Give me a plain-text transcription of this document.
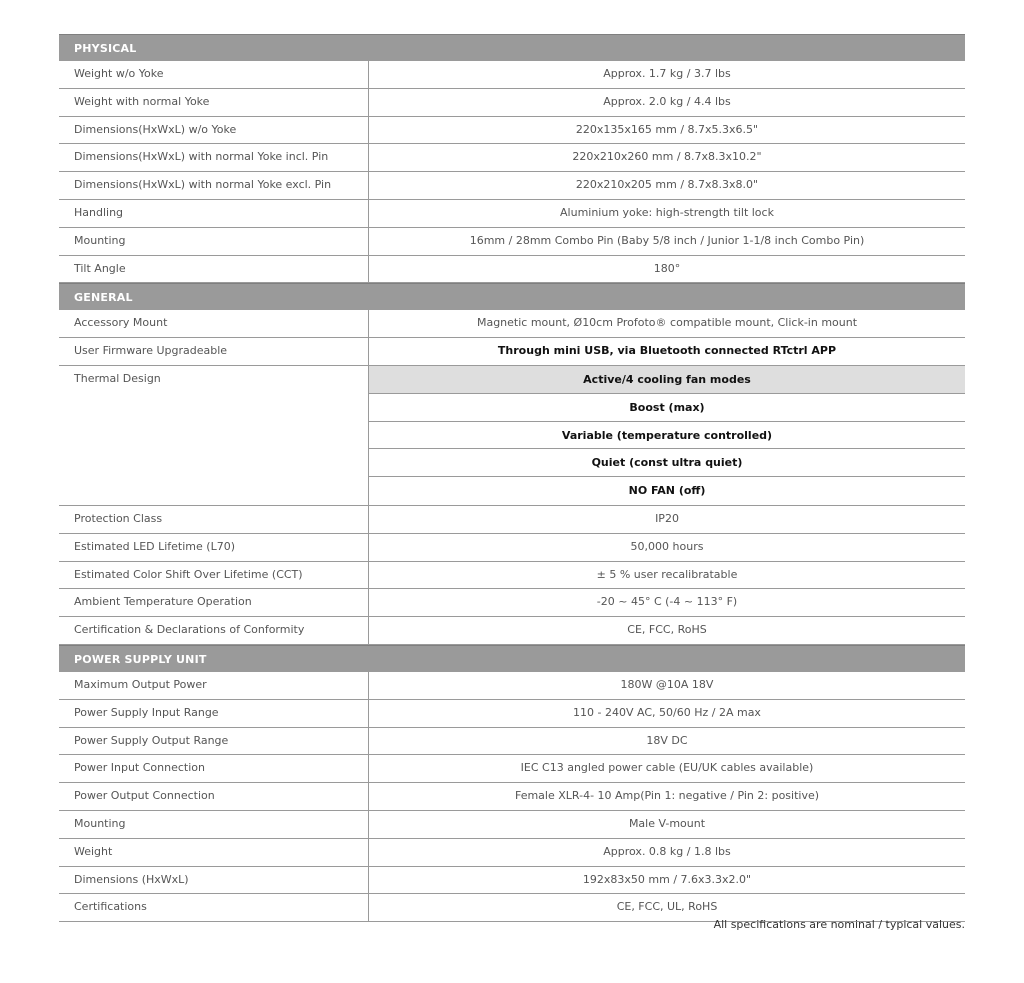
PHYSICAL
Weight w/o Yoke	Approx. 1.7 kg / 3.7 lbs
Weight with normal Yoke	Approx. 2.0 kg / 4.4 lbs
Dimensions(HxWxL) w/o Yoke	220x135x165 mm / 8.7x5.3x6.5"
Dimensions(HxWxL) with normal Yoke incl. Pin	220x210x260 mm / 8.7x8.3x10.2"
Dimensions(HxWxL) with normal Yoke excl. Pin	220x210x205 mm / 8.7x8.3x8.0"
Handling	Aluminium yoke: high-strength tilt lock
Mounting	16mm / 28mm Combo Pin (Baby 5/8 inch / Junior 1-1/8 inch Combo Pin)
Tilt Angle	180°
GENERAL
Accessory Mount	Magnetic mount, Ø10cm Profoto® compatible mount, Click-in mount
User Firmware Upgradeable	Through mini USB, via Bluetooth connected RTctrl APP
Thermal Design	Active/4 cooling fan modes
Boost (max)
Variable (temperature controlled)
Quiet (const ultra quiet)
NO FAN (off)
Protection Class	IP20
Estimated LED Lifetime (L70)	50,000 hours
Estimated Color Shift Over Lifetime (CCT)	± 5 % user recalibratable
Ambient Temperature Operation	-20 ~ 45° C (-4 ~ 113° F)
Certification & Declarations of Conformity	CE, FCC, RoHS
POWER SUPPLY UNIT
Maximum Output Power	180W @10A 18V
Power Supply Input Range	110 - 240V AC, 50/60 Hz / 2A max
Power Supply Output Range	18V DC
Power Input Connection	IEC C13 angled power cable (EU/UK cables available)
Power Output Connection	Female XLR-4- 10 Amp(Pin 1: negative / Pin 2: positive)
Mounting	Male V-mount
Weight	Approx. 0.8 kg / 1.8 lbs
Dimensions (HxWxL)	192x83x50 mm / 7.6x3.3x2.0"
Certifications	CE, FCC, UL, RoHS
All specifications are nominal / typical values.
